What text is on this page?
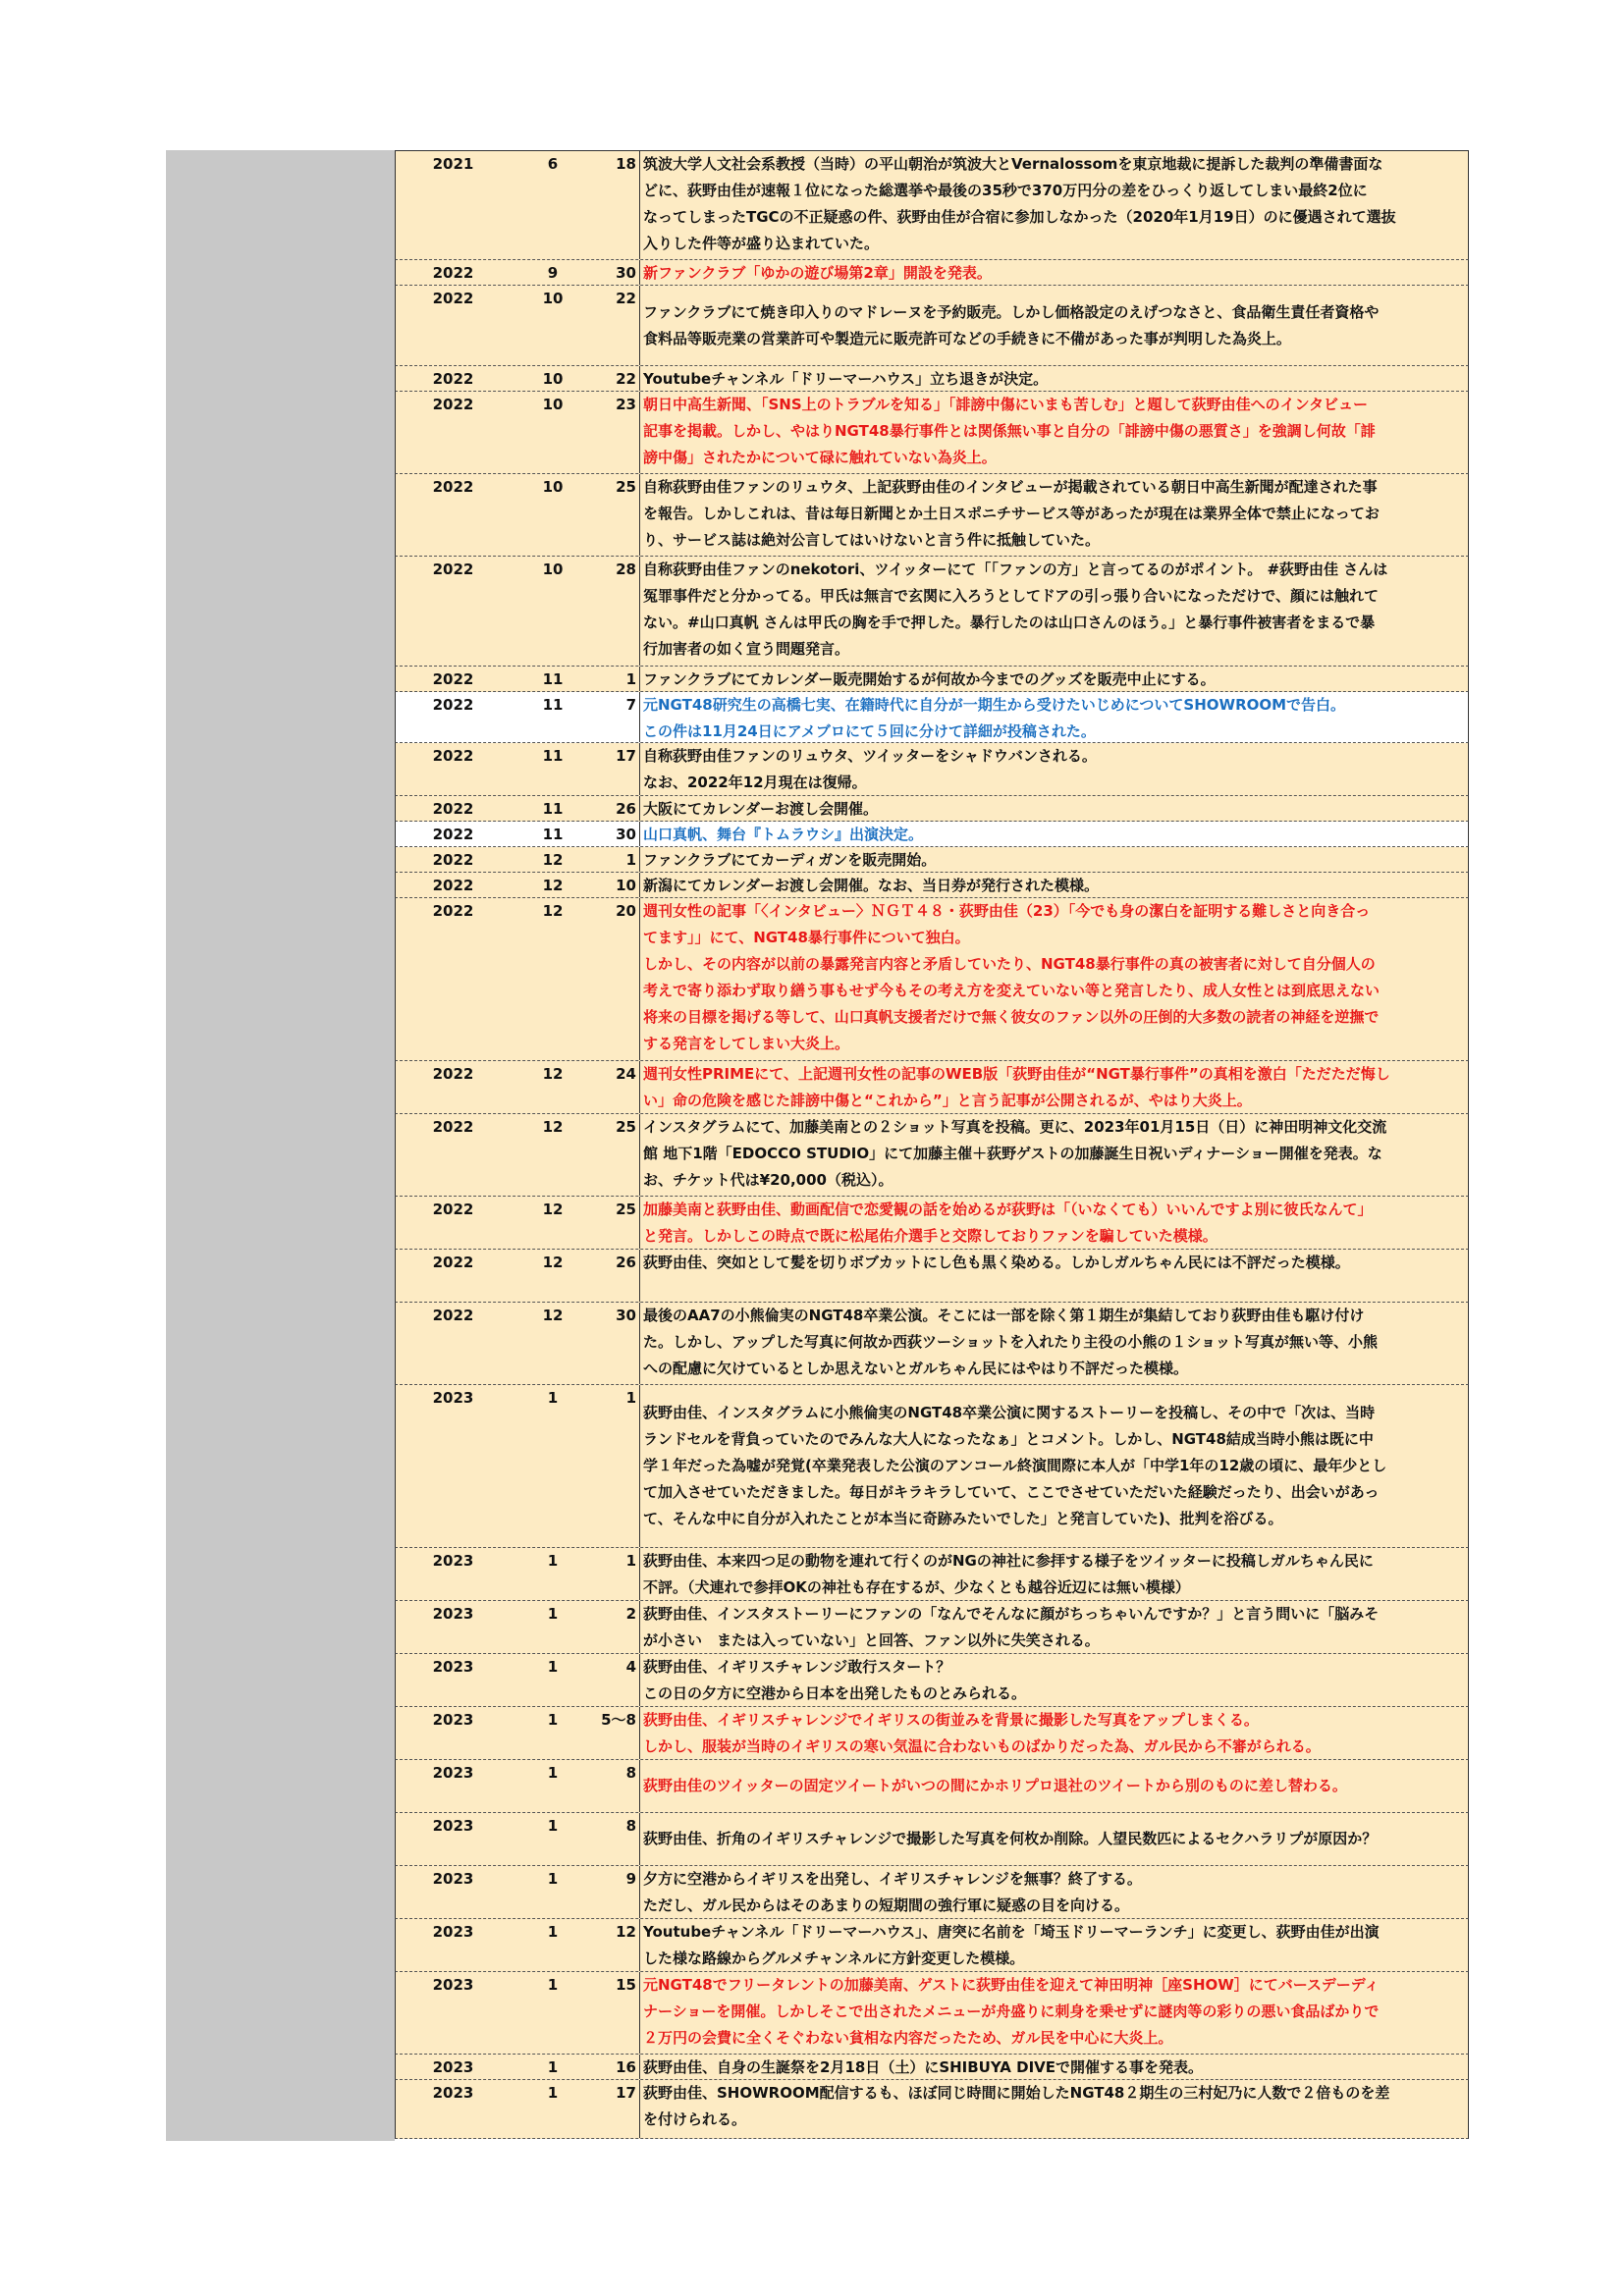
2021	6	18 筑波大学人文社会系教授（当時）の平山朝治が筑波大とVernalossomを東京地裁に提訴した裁判の準備書面な
どに、荻野由佳が速報１位になった総選挙や最後の35秒で370万円分の差をひっくり返してしまい最終2位に
なってしまったTGCの不正疑惑の件、荻野由佳が合宿に参加しなかった（2020年1月19日）のに優遇されて選抜
入りした件等が盛り込まれていた。
2022	9	30 新ファンクラブ「ゆかの遊び場第2章」開設を発表。
2022	10	22
ファンクラブにて焼き印入りのマドレーヌを予約販売。しかし価格設定のえげつなさと、食品衛生責任者資格や
食料品等販売業の営業許可や製造元に販売許可などの手続きに不備があった事が判明した為炎上。
2022	10	22 Youtubeチャンネル「ドリーマーハウス」立ち退きが決定。
2022	10	23 朝日中高生新聞、「SNS上のトラブルを知る」「誹謗中傷にいまも苦しむ」と題して荻野由佳へのインタビュー
記事を掲載。しかし、やはりNGT48暴行事件とは関係無い事と自分の「誹謗中傷の悪質さ」を強調し何故「誹
謗中傷」されたかについて碌に触れていない為炎上。
2022	10	25 自称荻野由佳ファンのリュウタ、上記荻野由佳のインタビューが掲載されている朝日中高生新聞が配達された事
を報告。しかしこれは、昔は毎日新聞とか土日スポニチサービス等があったが現在は業界全体で禁止になってお
り、サービス誌は絶対公言してはいけないと言う件に抵触していた。
2022	10	28 自称荻野由佳ファンのnekotori、ツイッターにて「「ファンの方」と言ってるのがポイント。 #荻野由佳 さんは
冤罪事件だと分かってる。甲氏は無言で玄関に入ろうとしてドアの引っ張り合いになっただけで、顔には触れて
ない。#山口真帆 さんは甲氏の胸を手で押した。暴行したのは山口さんのほう。」と暴行事件被害者をまるで暴
行加害者の如く宣う問題発言。
2022	11	1 ファンクラブにてカレンダー販売開始するが何故か今までのグッズを販売中止にする。
2022	11	7 元NGT48研究生の高橋七実、在籍時代に自分が一期生から受けたいじめについてSHOWROOMで告白。
この件は11月24日にアメブロにて５回に分けて詳細が投稿された。
2022	11	17 自称荻野由佳ファンのリュウタ、ツイッターをシャドウバンされる。
なお、2022年12月現在は復帰。
2022	11	26 大阪にてカレンダーお渡し会開催。
2022	11	30 山口真帆、舞台『トムラウシ』出演決定。
2022	12	1 ファンクラブにてカーディガンを販売開始。
2022	12	10 新潟にてカレンダーお渡し会開催。なお、当日券が発行された模様。
2022	12	20 週刊女性の記事「〈インタビュー〉ＮＧＴ４８・荻野由佳（23）「今でも身の潔白を証明する難しさと向き合っ
てます」」にて、NGT48暴行事件について独白。
しかし、その内容が以前の暴露発言内容と矛盾していたり、NGT48暴行事件の真の被害者に対して自分個人の
考えで寄り添わず取り繕う事もせず今もその考え方を変えていない等と発言したり、成人女性とは到底思えない
将来の目標を掲げる等して、山口真帆支援者だけで無く彼女のファン以外の圧倒的大多数の読者の神経を逆撫で
する発言をしてしまい大炎上。
2022	12	24 週刊女性PRIMEにて、上記週刊女性の記事のWEB版「荻野由佳が“NGT暴行事件”の真相を激白「ただただ悔し
い」命の危険を感じた誹謗中傷と“これから”」と言う記事が公開されるが、やはり大炎上。
2022	12	25 インスタグラムにて、加藤美南との２ショット写真を投稿。更に、2023年01月15日（日）に神田明神文化交流
館 地下1階「EDOCCO STUDIO」にて加藤主催＋荻野ゲストの加藤誕生日祝いディナーショー開催を発表。な
お、チケット代は¥20,000（税込）。
2022	12	25 加藤美南と荻野由佳、動画配信で恋愛観の話を始めるが荻野は「（いなくても）いいんですよ別に彼氏なんて」
と発言。しかしこの時点で既に松尾佑介選手と交際しておりファンを騙していた模様。
2022	12	26 荻野由佳、突如として髪を切りボブカットにし色も黒く染める。しかしガルちゃん民には不評だった模様。
2022	12	30 最後のAA7の小熊倫実のNGT48卒業公演。そこには一部を除く第１期生が集結しており荻野由佳も駆け付け
た。しかし、アップした写真に何故か西荻ツーショットを入れたり主役の小熊の１ショット写真が無い等、小熊
への配慮に欠けているとしか思えないとガルちゃん民にはやはり不評だった模様。
2023	1	1
荻野由佳、インスタグラムに小熊倫実のNGT48卒業公演に関するストーリーを投稿し、その中で「次は、当時
ランドセルを背負っていたのでみんな大人になったなぁ」とコメント。しかし、NGT48結成当時小熊は既に中
学１年だった為嘘が発覚(卒業発表した公演のアンコール終演間際に本人が「中学1年の12歳の頃に、最年少とし
て加入させていただきました。毎日がキラキラしていて、ここでさせていただいた経験だったり、出会いがあっ
て、そんな中に自分が入れたことが本当に奇跡みたいでした」と発言していた)、批判を浴びる。
2023	1	1 荻野由佳、本来四つ足の動物を連れて行くのがNGの神社に参拝する様子をツイッターに投稿しガルちゃん民に
不評。（犬連れで参拝OKの神社も存在するが、少なくとも越谷近辺には無い模様）
2023	1	2 荻野由佳、インスタストーリーにファンの「なんでそんなに顔がちっちゃいんですか？」と言う問いに「脳みそ
が小さい　または入っていない」と回答、ファン以外に失笑される。
2023	1	4 荻野由佳、イギリスチャレンジ敢行スタート？
この日の夕方に空港から日本を出発したものとみられる。
2023	1	5〜8 荻野由佳、イギリスチャレンジでイギリスの街並みを背景に撮影した写真をアップしまくる。
しかし、服装が当時のイギリスの寒い気温に合わないものばかりだった為、ガル民から不審がられる。
2023	1	8
荻野由佳のツイッターの固定ツイートがいつの間にかホリプロ退社のツイートから別のものに差し替わる。
2023	1	8
荻野由佳、折角のイギリスチャレンジで撮影した写真を何枚か削除。人望民数匹によるセクハラリプが原因か？
2023	1	9 夕方に空港からイギリスを出発し、イギリスチャレンジを無事？終了する。
ただし、ガル民からはそのあまりの短期間の強行軍に疑惑の目を向ける。
2023	1	12 Youtubeチャンネル「ドリーマーハウス」、唐突に名前を「埼玉ドリーマーランチ」に変更し、荻野由佳が出演
した様な路線からグルメチャンネルに方針変更した模様。
2023	1	15 元NGT48でフリータレントの加藤美南、ゲストに荻野由佳を迎えて神田明神［座SHOW］にてバースデーディ
ナーショーを開催。しかしそこで出されたメニューが舟盛りに刺身を乗せずに謎肉等の彩りの悪い食品ばかりで
２万円の会費に全くそぐわない貧相な内容だったため、ガル民を中心に大炎上。
2023	1	16 荻野由佳、自身の生誕祭を2月18日（土）にSHIBUYA DIVEで開催する事を発表。
2023	1	17 荻野由佳、SHOWROOM配信するも、ほぼ同じ時間に開始したNGT48２期生の三村妃乃に人数で２倍ものを差
を付けられる。
